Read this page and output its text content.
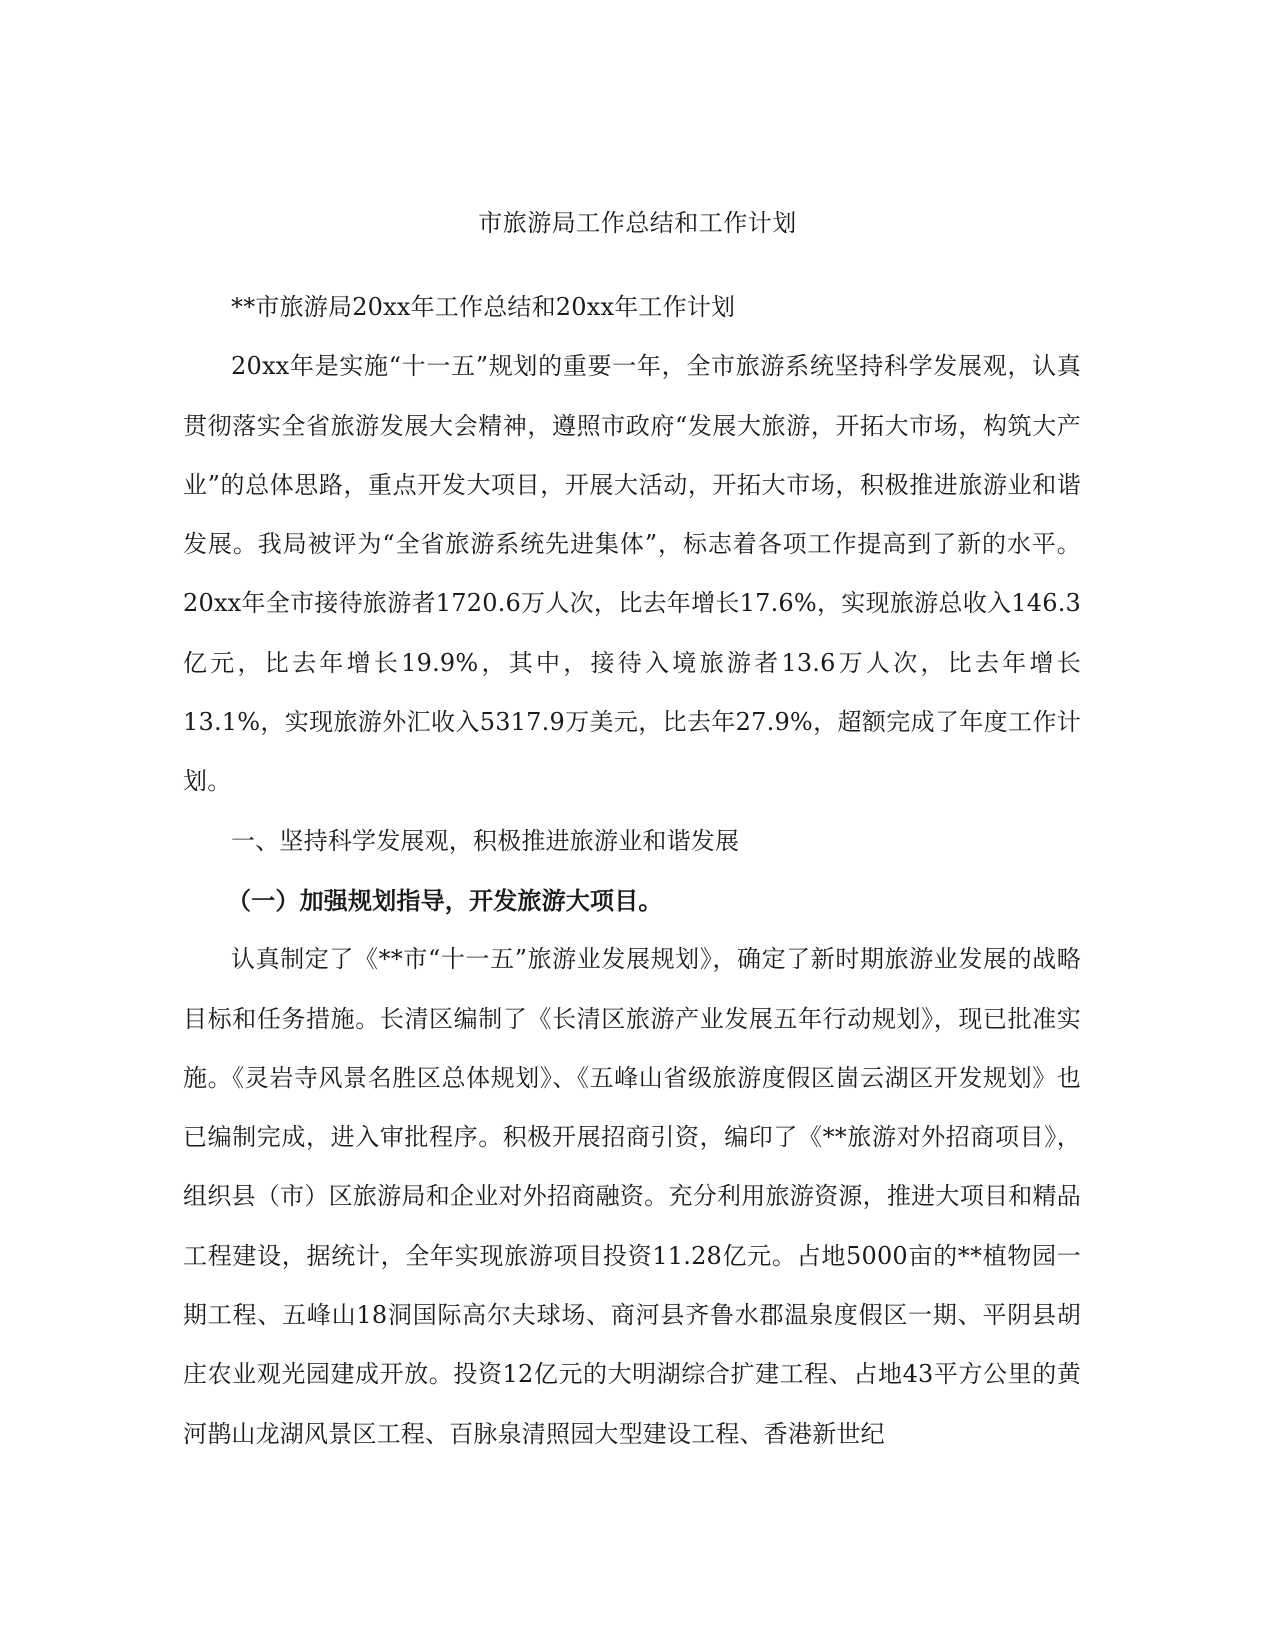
市旅游局工作总结和工作计划

**市旅游局20xx年工作总结和20xx年工作计划

20xx年是实施“十一五”规划的重要一年，全市旅游系统坚持科学发展观，认真贯彻落实全省旅游发展大会精神，遵照市政府“发展大旅游，开拓大市场，构筑大产业”的总体思路，重点开发大项目，开展大活动，开拓大市场，积极推进旅游业和谐发展。我局被评为“全省旅游系统先进集体”，标志着各项工作提高到了新的水平。20xx年全市接待旅游者1720.6万人次，比去年增长17.6%，实现旅游总收入146.3亿元，比去年增长19.9%，其中，接待入境旅游者13.6万人次，比去年增长13.1%，实现旅游外汇收入5317.9万美元，比去年27.9%，超额完成了年度工作计划。

一、坚持科学发展观，积极推进旅游业和谐发展

（一）加强规划指导，开发旅游大项目。

认真制定了《**市“十一五”旅游业发展规划》，确定了新时期旅游业发展的战略目标和任务措施。长清区编制了《长清区旅游产业发展五年行动规划》，现已批准实施。《灵岩寺风景名胜区总体规划》、《五峰山省级旅游度假区崮云湖区开发规划》也已编制完成，进入审批程序。积极开展招商引资，编印了《**旅游对外招商项目》，组织县（市）区旅游局和企业对外招商融资。充分利用旅游资源，推进大项目和精品工程建设，据统计，全年实现旅游项目投资11.28亿元。占地5000亩的**植物园一期工程、五峰山18洞国际高尔夫球场、商河县齐鲁水郡温泉度假区一期、平阴县胡庄农业观光园建成开放。投资12亿元的大明湖综合扩建工程、占地43平方公里的黄河鹊山龙湖风景区工程、百脉泉清照园大型建设工程、香港新世纪
